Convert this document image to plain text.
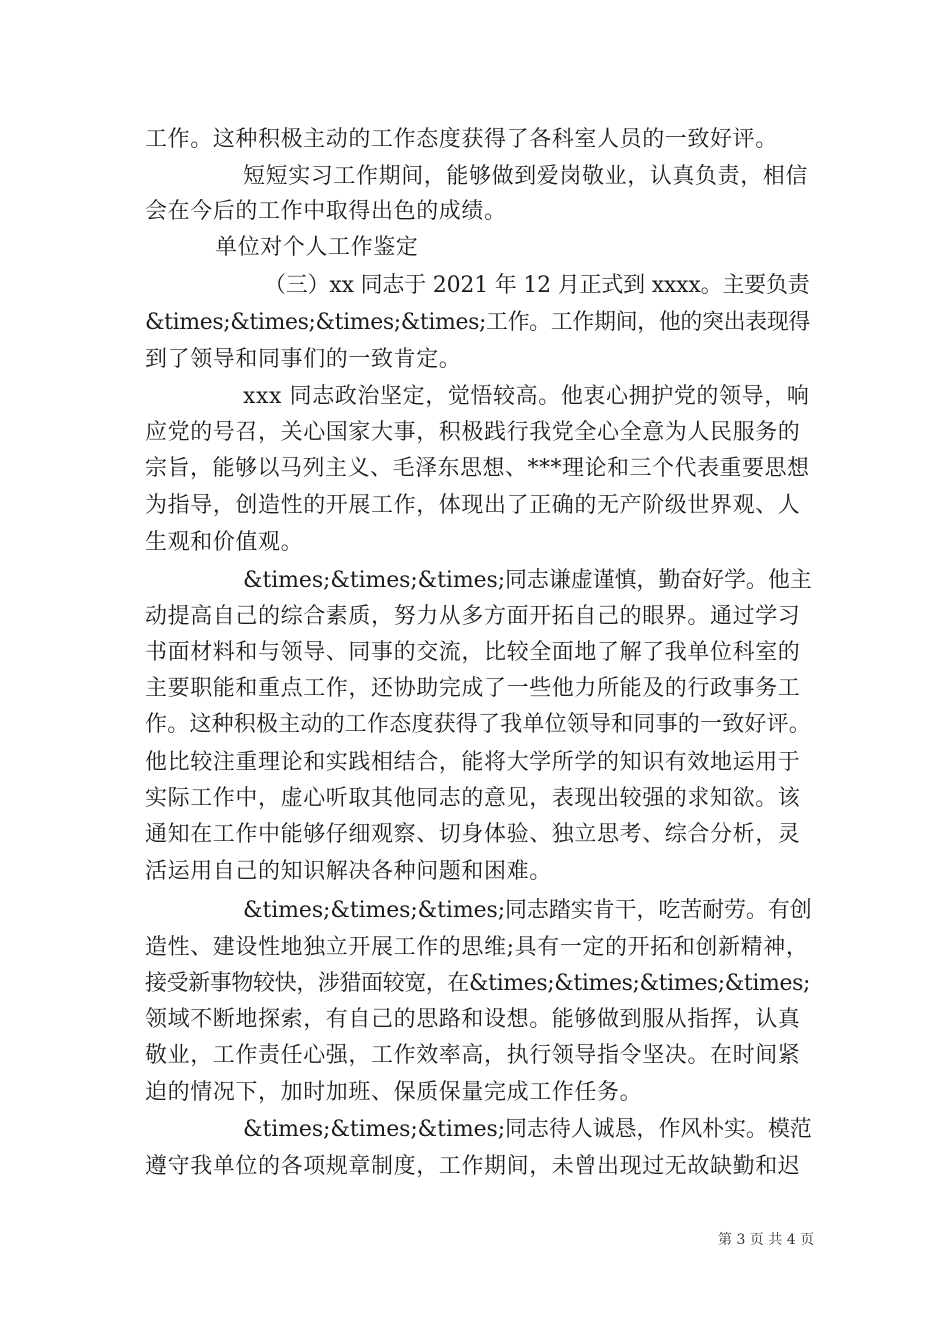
工作。这种积极主动的工作态度获得了各科室人员的一致好评。
短短实习工作期间，能够做到爱岗敬业，认真负责，相信
会在今后的工作中取得出色的成绩。
单位对个人工作鉴定
（三）xx 同志于 2021 年 12 月正式到 xxxx。主要负责
&times;&times;&times;&times;工作。工作期间，他的突出表现得
到了领导和同事们的一致肯定。
xxx 同志政治坚定，觉悟较高。他衷心拥护党的领导，响
应党的号召，关心国家大事，积极践行我党全心全意为人民服务的
宗旨，能够以马列主义、毛泽东思想、***理论和三个代表重要思想
为指导，创造性的开展工作，体现出了正确的无产阶级世界观、人
生观和价值观。
&times;&times;&times;同志谦虚谨慎，勤奋好学。他主
动提高自己的综合素质，努力从多方面开拓自己的眼界。通过学习
书面材料和与领导、同事的交流，比较全面地了解了我单位科室的
主要职能和重点工作，还协助完成了一些他力所能及的行政事务工
作。这种积极主动的工作态度获得了我单位领导和同事的一致好评。
他比较注重理论和实践相结合，能将大学所学的知识有效地运用于
实际工作中，虚心听取其他同志的意见，表现出较强的求知欲。该
通知在工作中能够仔细观察、切身体验、独立思考、综合分析，灵
活运用自己的知识解决各种问题和困难。
&times;&times;&times;同志踏实肯干，吃苦耐劳。有创
造性、建设性地独立开展工作的思维;具有一定的开拓和创新精神，
接受新事物较快，涉猎面较宽，在&times;&times;&times;&times;
领域不断地探索，有自己的思路和设想。能够做到服从指挥，认真
敬业，工作责任心强，工作效率高，执行领导指令坚决。在时间紧
迫的情况下，加时加班、保质保量完成工作任务。
&times;&times;&times;同志待人诚恳，作风朴实。模范
遵守我单位的各项规章制度，工作期间，未曾出现过无故缺勤和迟
第 3 页 共 4 页
